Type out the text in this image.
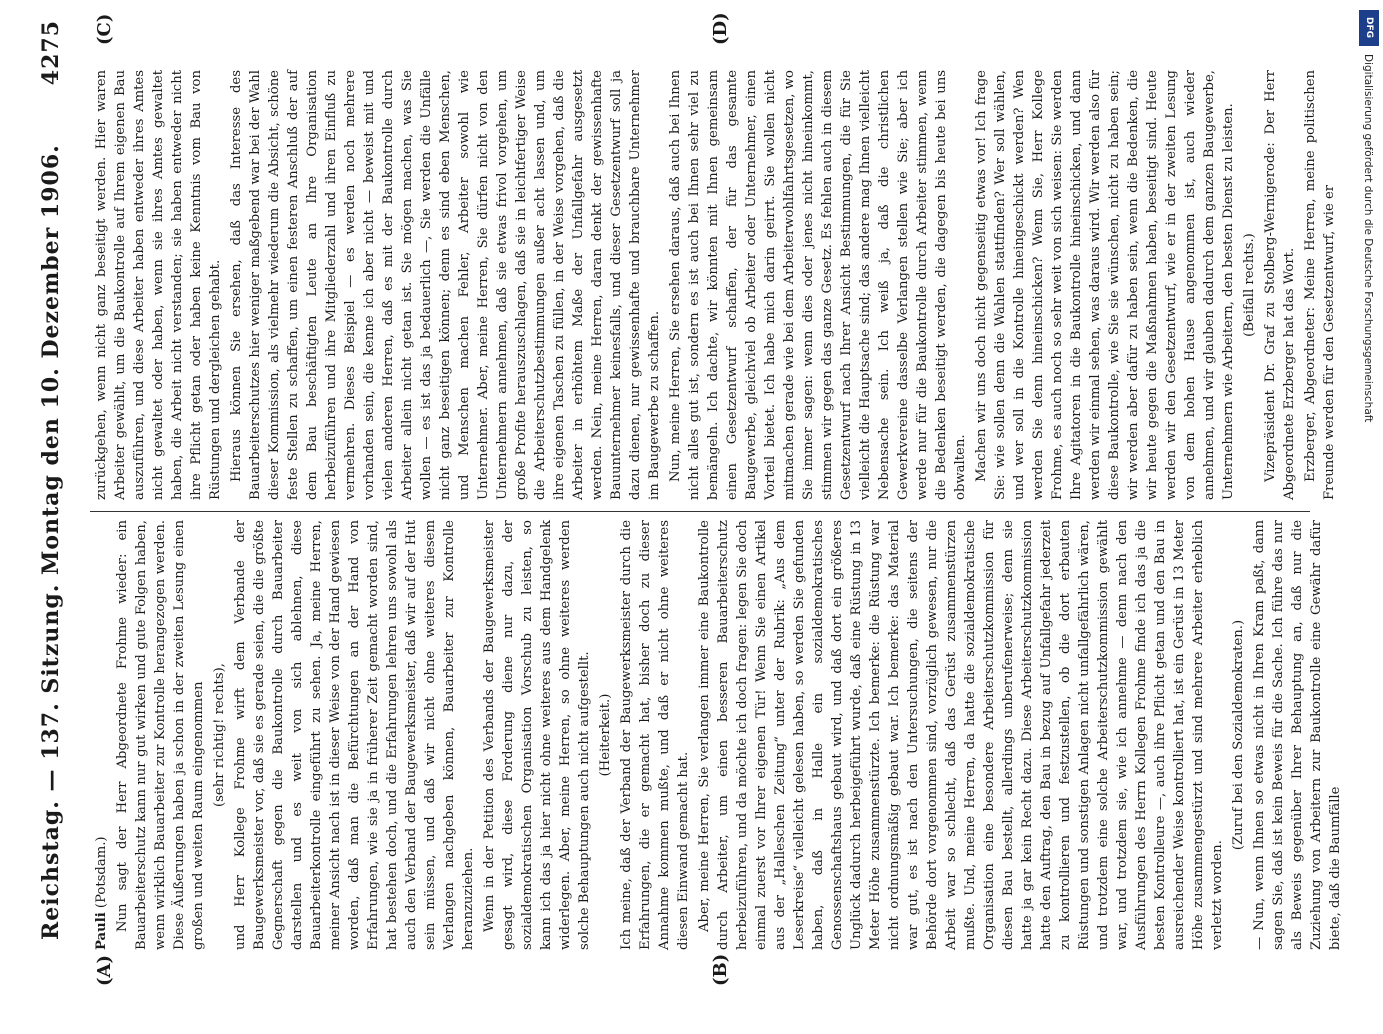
Reichstag. — 137. Sitzung.
Montag den 10. Dezember 1906.
4275
(A)	(B)
(C)	(D)

Pauli (Potsdam.) Nun sagt der Herr Abgeordnete Frohme wieder: ein Bauarbeiterschutz kann nur gut wirken und gute Folgen haben, wenn wirklich Bauarbeiter zur Kontrolle herangezogen werden. Diese Äußerungen haben ja schon in der zweiten Lesung einen großen und weiten Raum eingenommen (sehr richtig! rechts), und Herr Kollege Frohme wirft dem Verbande der Baugewerksmeister vor, daß sie es gerade seien, die die größte Gegnerschaft gegen die Baukontrolle durch Bauarbeiter darstellen und es weit von sich ablehnen, diese Bauarbeiterkontrolle eingeführt zu sehen. Ja, meine Herren, meiner Ansicht nach ist in dieser Weise von der Hand gewiesen worden, daß man die Befürchtungen an der Hand von Erfahrungen, wie sie ja in früherer Zeit gemacht worden sind, hat bestehen doch, und die Erfahrungen lehren uns sowohl als auch den Verband der Baugewerksmeister, daß wir auf der Hut sein müssen, und daß wir nicht ohne weiteres diesem Verlangen nachgeben können, Bauarbeiter zur Kontrolle heranzuziehen. Wenn in der Petition des Verbands der Baugewerksmeister gesagt wird, diese Forderung diene nur dazu, der sozialdemokratischen Organisation Vorschub zu leisten, so kann ich das ja hier nicht ohne weiteres aus dem Handgelenk widerlegen. Aber, meine Herren, so ohne weiteres werden solche Behauptungen auch nicht aufgestellt. (Heiterkeit.) Ich meine, daß der Verband der Baugewerksmeister durch die Erfahrungen, die er gemacht hat, bisher doch zu dieser Annahme kommen mußte, und daß er nicht ohne weiteres diesen Einwand gemacht hat. Aber, meine Herren, Sie verlangen immer eine Baukontrolle durch Arbeiter, um einen besseren Bauarbeiterschutz herbeizuführen, und da möchte ich doch fragen: legen Sie doch einmal zuerst vor Ihrer eigenen Tür! Wenn Sie einen Artikel aus der „Halleschen Zeitung“ unter der Rubrik: „Aus dem Leserkreise“ vielleicht gelesen haben, so werden Sie gefunden haben, daß in Halle ein sozialdemokratisches Genossenschaftshaus gebaut wird, und daß dort ein größeres Unglück dadurch herbeigeführt wurde, daß eine Rüstung in 13 Meter Höhe zusammenstürzte. Ich bemerke: die Rüstung war nicht ordnungsmäßig gebaut war. Ich bemerke: das Material war gut, es ist nach den Untersuchungen, die seitens der Behörde dort vorgenommen sind, vorzüglich gewesen, nur die Arbeit war so schlecht, daß das Gerüst zusammenstürzen mußte. Und, meine Herren, da hatte die sozialdemokratische Organisation eine besondere Arbeiterschutzkommission für diesen Bau bestellt, allerdings unberufenerweise; denn sie hatte ja gar kein Recht dazu. Diese Arbeiterschutzkommission hatte den Auftrag, den Bau in bezug auf Unfallgefahr jederzeit zu kontrollieren und festzustellen, ob die dort erbauten Rüstungen und sonstigen Anlagen nicht unfallgefährlich wären, und trotzdem eine solche Arbeiterschutzkommission gewählt war, und trotzdem sie, wie ich annehme — denn nach den Ausführungen des Herrn Kollegen Frohme finde ich das ja die besten Kontrolleure —, auch ihre Pflicht getan und den Bau in ausreichender Weise kontrolliert hat, ist ein Gerüst in 13 Meter Höhe zusammengestürzt und sind mehrere Arbeiter erheblich verletzt worden.

(Zuruf bei den Sozialdemokraten.) — Nun, wenn Ihnen so etwas nicht in Ihren Kram paßt, dann sagen Sie, daß ist kein Beweis für die Sache. Ich führe das nur als Beweis gegenüber Ihrer Behauptung an, daß nur die Zuziehung von Arbeitern zur Baukontrolle eine Gewähr dafür biete, daß die Baumfälle

zurückgehen, wenn nicht ganz beseitigt werden. Hier waren Arbeiter gewählt, um die Baukontrolle auf Ihrem eigenen Bau auszuführen, und diese Arbeiter haben entweder ihres Amtes nicht gewaltet oder haben, wenn sie ihres Amtes gewaltet haben, die Arbeit nicht verstanden; sie haben entweder nicht ihre Pflicht getan oder haben keine Kenntnis vom Bau von Rüstungen und dergleichen gehabt. Hieraus können Sie ersehen, daß das Interesse des Bauarbeiterschutzes hier weniger maßgebend war bei der Wahl dieser Kommission, als vielmehr wiederum die Absicht, schöne feste Stellen zu schaffen, um einen festeren Anschluß der auf dem Bau beschäftigten Leute an Ihre Organisation herbeizuführen und ihre Mitgliederzahl und ihren Einfluß zu vermehren. Dieses Beispiel — es werden noch mehrere vorhanden sein, die kenne ich aber nicht — beweist mit und vielen anderen Herren, daß es mit der Baukontrolle durch Arbeiter allein nicht getan ist. Sie mögen machen, was Sie wollen — es ist das ja bedauerlich —, Sie werden die Unfälle nicht ganz beseitigen können; denn es sind eben Menschen, und Menschen machen Fehler, Arbeiter sowohl wie Unternehmer. Aber, meine Herren, Sie dürfen nicht von den Unternehmern annehmen, daß sie etwas frivol vorgehen, um große Profite herauszuschlagen, daß sie in leichtfertiger Weise die Arbeiterschutzbestimmungen außer acht lassen und, um ihre eigenen Taschen zu füllen, in der Weise vorgehen, daß die Arbeiter in erhöhtem Maße der Unfallgefahr ausgesetzt werden. Nein, meine Herren, daran denkt der gewissenhafte Bauunternehmer keinesfalls, und dieser Gesetzentwurf soll ja dazu dienen, nur gewissenhafte und brauchbare Unternehmer im Baugewerbe zu schaffen. Nun, meine Herren, Sie ersehen daraus, daß auch bei Ihnen nicht alles gut ist, sondern es ist auch bei Ihnen sehr viel zu bemängeln. Ich dachte, wir könnten mit Ihnen gemeinsam einen Gesetzentwurf schaffen, der für das gesamte Baugewerbe, gleichviel ob Arbeiter oder Unternehmer, einen Vorteil bietet. Ich habe mich darin geirrt. Sie wollen nicht mitmachen gerade wie bei dem Arbeiterwohlfahrtsgesetzen, wo Sie immer sagen: wenn dies oder jenes nicht hineinkommt, stimmen wir gegen das ganze Gesetz. Es fehlen auch in diesem Gesetzentwurf nach Ihrer Ansicht Bestimmungen, die für Sie vielleicht die Hauptsache sind; das andere mag Ihnen vielleicht Nebensache sein. Ich weiß ja, daß die christlichen Gewerkvereine dasselbe Verlangen stellen wie Sie; aber ich werde nur für die Baukontrolle durch Arbeiter stimmen, wenn die Bedenken beseitigt werden, die dagegen bis heute bei uns obwalten. Machen wir uns doch nicht gegenseitig etwas vor! Ich frage Sie: wie sollen denn die Wahlen stattfinden? Wer soll wählen, und wer soll in die Kontrolle hineingeschickt werden? Wen werden Sie denn hineinschicken? Wenn Sie, Herr Kollege Frohme, es auch noch so sehr weit von sich weisen: Sie werden Ihre Agitatoren in die Baukontrolle hineinschicken, und dann werden wir einmal sehen, was daraus wird. Wir werden also für diese Baukontrolle, wie Sie sie wünschen, nicht zu haben sein; wir werden aber dafür zu haben sein, wenn die Bedenken, die wir heute gegen die Maßnahmen haben, beseitigt sind. Heute werden wir den Gesetzentwurf, wie er in der zweiten Lesung von dem hohen Hause angenommen ist, auch wieder annehmen, und wir glauben dadurch dem ganzen Baugewerbe, Unternehmern wie Arbeitern, den besten Dienst zu leisten. (Beifall rechts.) Vizepräsident Dr. Graf zu Stolberg-Wernigerode: Der Herr Abgeordnete Erzberger hat das Wort. Erzberger, Abgeordneter: Meine Herren, meine politischen Freunde werden für den Gesetzentwurf, wie er

DFG
Digitalisierung gefördert durch die Deutsche Forschungsgemeinschaft
